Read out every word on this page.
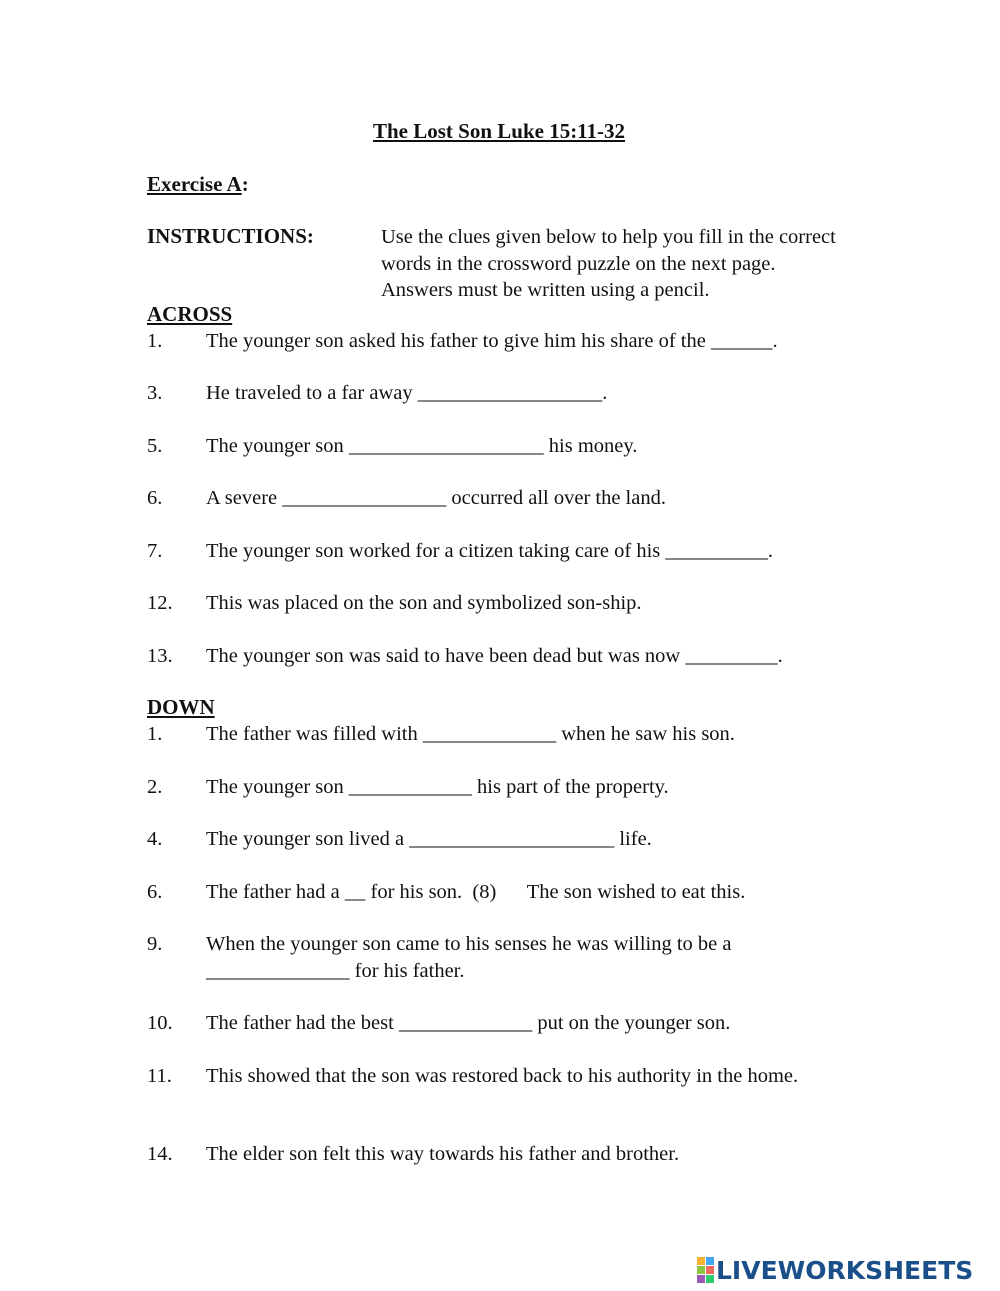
The Lost Son Luke 15:11-32
Exercise A:
INSTRUCTIONS:	Use the clues given below to help you fill in the correct words in the crossword puzzle on the next page. Answers must be written using a pencil.
ACROSS
1. The younger son asked his father to give him his share of the ______.
3. He traveled to a far away __________________.
5. The younger son ___________________ his money.
6. A severe ________________ occurred all over the land.
7. The younger son worked for a citizen taking care of his __________.
12. This was placed on the son and symbolized son-ship.
13. The younger son was said to have been dead but was now _________.
DOWN
1. The father was filled with _____________ when he saw his son.
2. The younger son ____________ his part of the property.
4. The younger son lived a ____________________ life.
6. The father had a __ for his son.  (8)      The son wished to eat this.
9. When the younger son came to his senses he was willing to be a ______________ for his father.
10. The father had the best _____________ put on the younger son.
11. This showed that the son was restored back to his authority in the home.
14. The elder son felt this way towards his father and brother.
LIVEWORKSHEETS
